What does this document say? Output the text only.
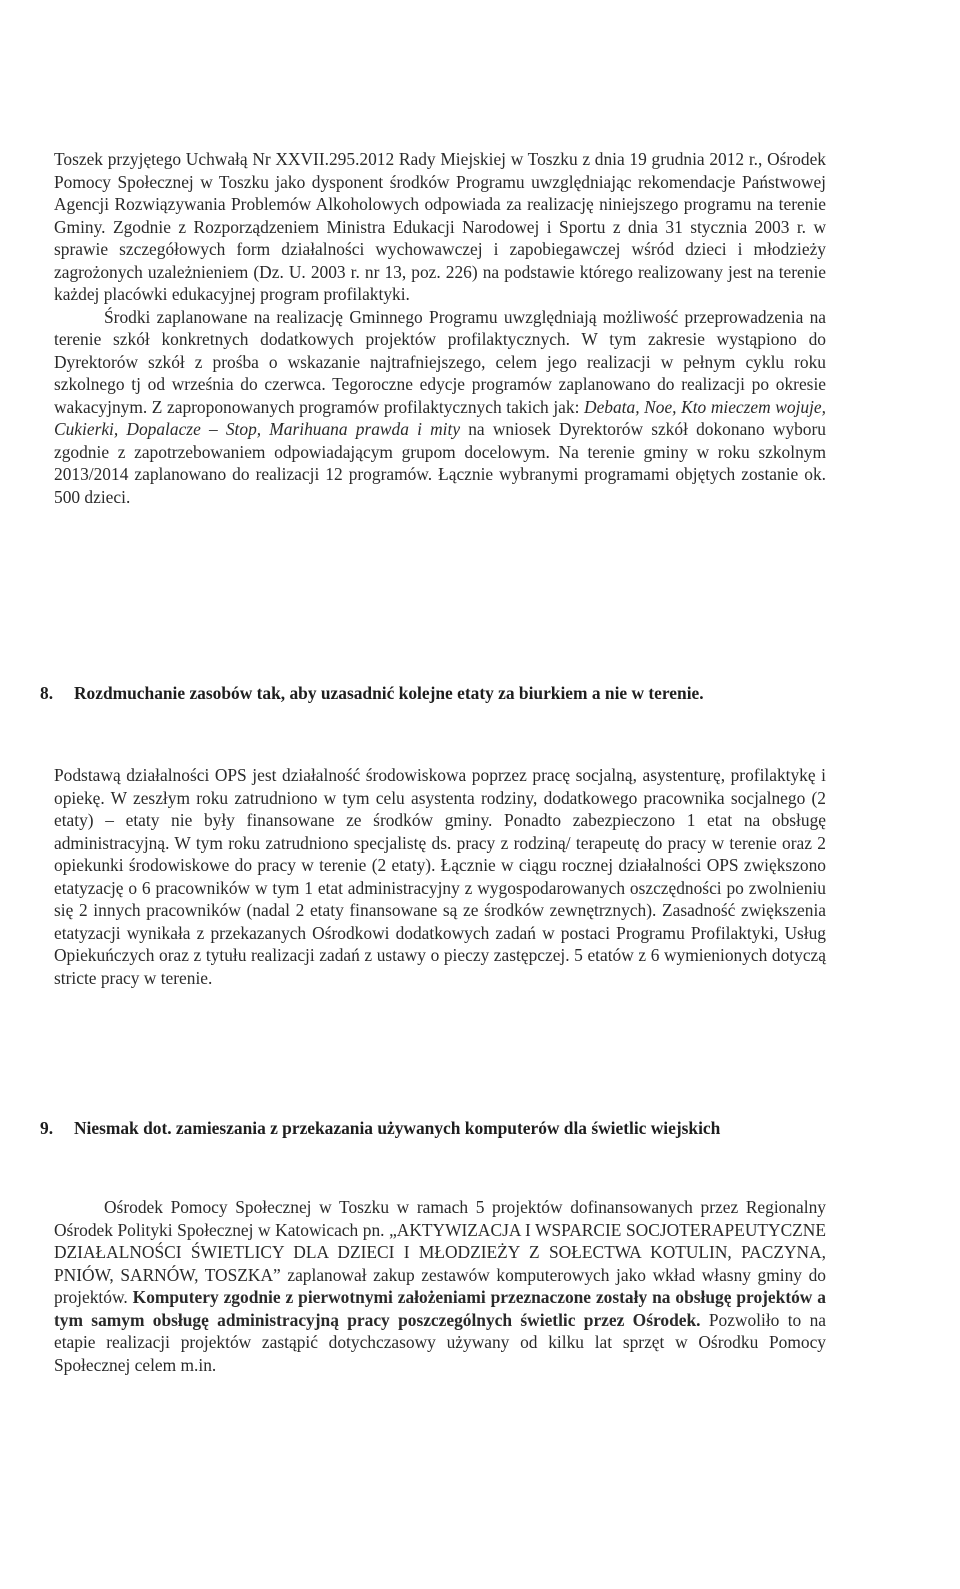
Toszek przyjętego Uchwałą Nr XXVII.295.2012 Rady Miejskiej w Toszku z dnia 19 grudnia 2012 r., Ośrodek Pomocy Społecznej w Toszku jako dysponent środków Programu uwzględniając rekomendacje Państwowej Agencji Rozwiązywania Problemów Alkoholowych odpowiada za realizację niniejszego programu na terenie Gminy. Zgodnie z Rozporządzeniem Ministra Edukacji Narodowej i Sportu z dnia 31 stycznia 2003 r. w sprawie szczegółowych form działalności wychowawczej i zapobiegawczej wśród dzieci i młodzieży zagrożonych uzależnieniem (Dz. U. 2003 r. nr 13, poz. 226) na podstawie którego realizowany jest na terenie każdej placówki edukacyjnej program profilaktyki.

Środki zaplanowane na realizację Gminnego Programu uwzględniają możliwość przeprowadzenia na terenie szkół konkretnych dodatkowych projektów profilaktycznych. W tym zakresie wystąpiono do Dyrektorów szkół z prośba o wskazanie najtrafniejszego, celem jego realizacji w pełnym cyklu roku szkolnego tj od września do czerwca. Tegoroczne edycje programów zaplanowano do realizacji po okresie wakacyjnym. Z zaproponowanych programów profilaktycznych takich jak: Debata, Noe, Kto mieczem wojuje, Cukierki, Dopalacze – Stop, Marihuana prawda i mity na wniosek Dyrektorów szkół dokonano wyboru zgodnie z zapotrzebowaniem odpowiadającym grupom docelowym. Na terenie gminy w roku szkolnym 2013/2014 zaplanowano do realizacji 12 programów. Łącznie wybranymi programami objętych zostanie ok. 500 dzieci.

8.	Rozdmuchanie zasobów tak, aby uzasadnić kolejne etaty za biurkiem a nie w terenie.

Podstawą działalności OPS jest działalność środowiskowa poprzez pracę socjalną, asystenturę, profilaktykę i opiekę. W zeszłym roku zatrudniono w tym celu asystenta rodziny, dodatkowego pracownika socjalnego (2 etaty) – etaty nie były finansowane ze środków gminy. Ponadto zabezpieczono 1 etat na obsługę administracyjną. W tym roku zatrudniono specjalistę ds. pracy z rodziną/ terapeutę do pracy w terenie oraz 2 opiekunki środowiskowe do pracy w terenie (2 etaty). Łącznie w ciągu rocznej działalności OPS zwiększono etatyzację o 6 pracowników w tym 1 etat administracyjny z wygospodarowanych oszczędności po zwolnieniu się 2 innych pracowników (nadal 2 etaty finansowane są ze środków zewnętrznych). Zasadność zwiększenia etatyzacji wynikała z przekazanych Ośrodkowi dodatkowych zadań w postaci Programu Profilaktyki, Usług Opiekuńczych oraz z tytułu realizacji zadań z ustawy o pieczy zastępczej. 5 etatów z 6 wymienionych dotyczą stricte pracy w terenie.

9.	Niesmak dot. zamieszania z przekazania używanych komputerów dla świetlic wiejskich

Ośrodek Pomocy Społecznej w Toszku w ramach 5 projektów dofinansowanych przez Regionalny Ośrodek Polityki Społecznej w Katowicach pn. „AKTYWIZACJA I WSPARCIE SOCJOTERAPEUTYCZNE DZIAŁALNOŚCI ŚWIETLICY DLA DZIECI I MŁODZIEŻY Z SOŁECTWA KOTULIN, PACZYNA, PNIÓW, SARNÓW, TOSZKA” zaplanował zakup zestawów komputerowych jako wkład własny gminy do projektów. Komputery zgodnie z pierwotnymi założeniami przeznaczone zostały na obsługę projektów a tym samym obsługę administracyjną pracy poszczególnych świetlic przez Ośrodek. Pozwoliło to na etapie realizacji projektów zastąpić dotychczasowy używany od kilku lat sprzęt w Ośrodku Pomocy Społecznej celem m.in.
